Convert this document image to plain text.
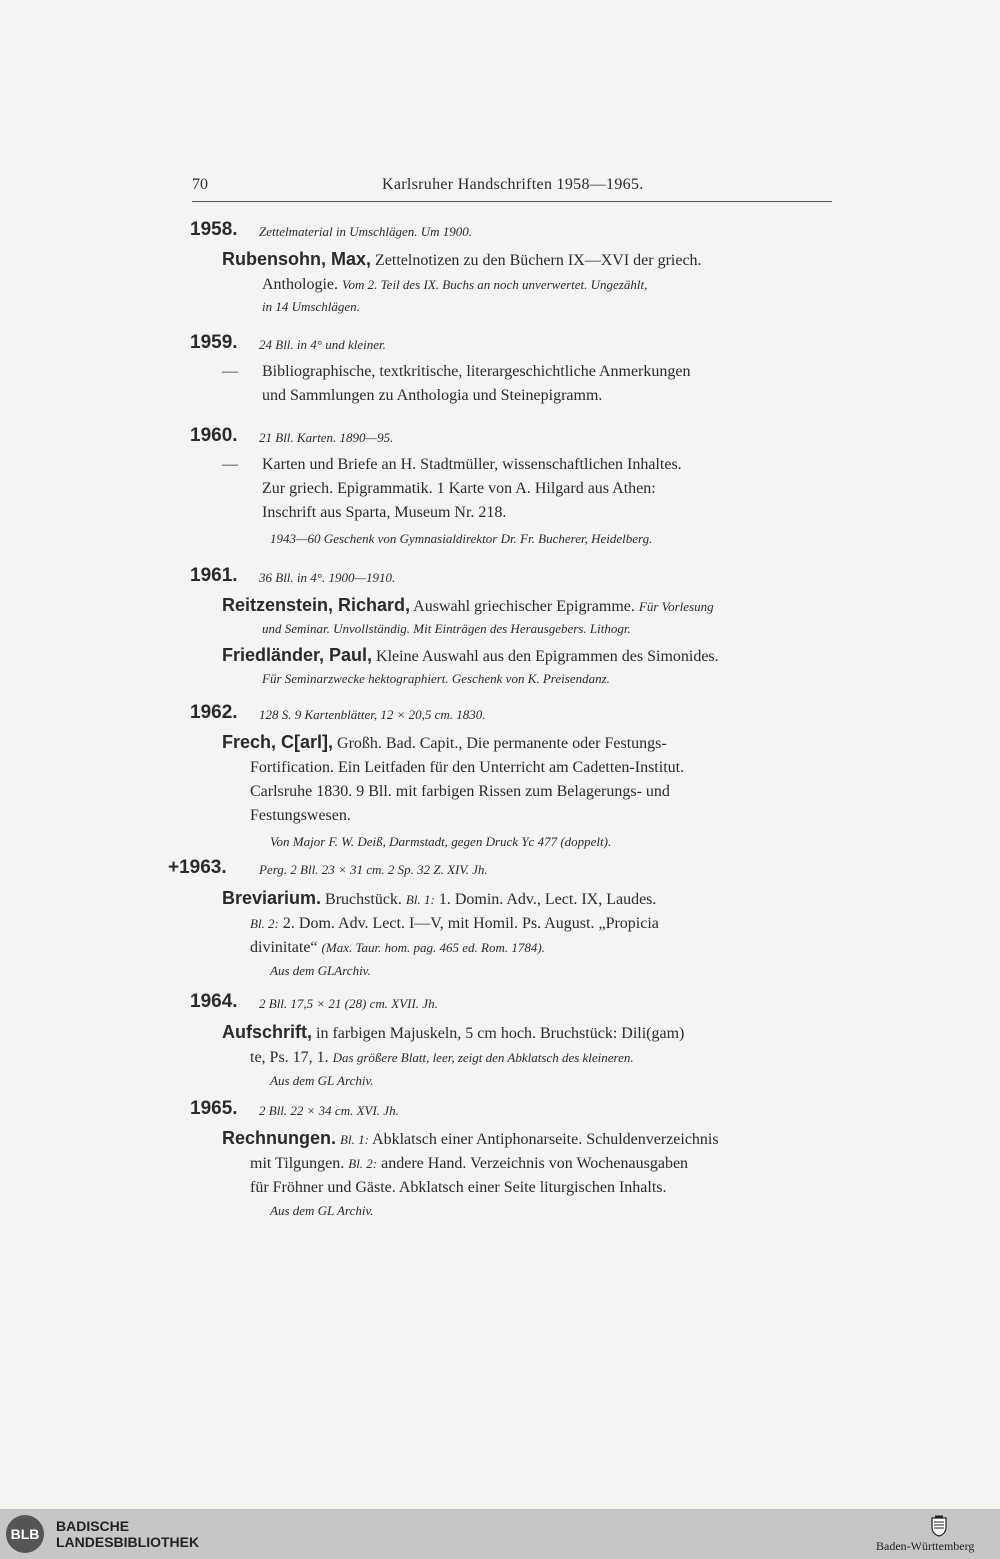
70	Karlsruher Handschriften 1958—1965.
1958. Zettelmaterial in Umschlägen. Um 1900.
Rubensohn, Max, Zettelnotizen zu den Büchern IX—XVI der griech.
Anthologie. Vom 2. Teil des IX. Buchs an noch unverwertet. Ungezählt,
in 14 Umschlägen.
1959. 24 Bll. in 4° und kleiner.
— Bibliographische, textkritische, literargeschichtliche Anmerkungen
und Sammlungen zu Anthologia und Steinepigramm.
1960. 21 Bll. Karten. 1890—95.
— Karten und Briefe an H. Stadtmüller, wissenschaftlichen Inhaltes.
Zur griech. Epigrammatik. 1 Karte von A. Hilgard aus Athen:
Inschrift aus Sparta, Museum Nr. 218.
1943—60 Geschenk von Gymnasialdirektor Dr. Fr. Bucherer, Heidelberg.
1961. 36 Bll. in 4°. 1900—1910.
Reitzenstein, Richard, Auswahl griechischer Epigramme. Für Vorlesung
und Seminar. Unvollständig. Mit Einträgen des Herausgebers. Lithogr.
Friedländer, Paul, Kleine Auswahl aus den Epigrammen des Simonides.
Für Seminarzwecke hektographiert. Geschenk von K. Preisendanz.
1962. 128 S. 9 Kartenblätter, 12 × 20,5 cm. 1830.
Frech, C[arl], Großh. Bad. Capit., Die permanente oder Festungs-
Fortification. Ein Leitfaden für den Unterricht am Cadetten-Institut.
Carlsruhe 1830. 9 Bll. mit farbigen Rissen zum Belagerungs- und
Festungswesen.
Von Major F. W. Deiß, Darmstadt, gegen Druck Yc 477 (doppelt).
+1963. Perg. 2 Bll. 23 × 31 cm. 2 Sp. 32 Z. XIV. Jh.
Breviarium. Bruchstück. Bl. 1: 1. Domin. Adv., Lect. IX, Laudes.
Bl. 2: 2. Dom. Adv. Lect. I—V, mit Homil. Ps. August. „Propicia
divinitate“ (Max. Taur. hom. pag. 465 ed. Rom. 1784).
Aus dem GLArchiv.
1964. 2 Bll. 17,5 × 21 (28) cm. XVII. Jh.
Aufschrift, in farbigen Majuskeln, 5 cm hoch. Bruchstück: Dili(gam)
te, Ps. 17, 1. Das größere Blatt, leer, zeigt den Abklatsch des kleineren.
Aus dem GL Archiv.
1965. 2 Bll. 22 × 34 cm. XVI. Jh.
Rechnungen. Bl. 1: Abklatsch einer Antiphonarseite. Schuldenverzeichnis
mit Tilgungen. Bl. 2: andere Hand. Verzeichnis von Wochenausgaben
für Fröhner und Gäste. Abklatsch einer Seite liturgischen Inhalts.
Aus dem GL Archiv.
BLB	BADISCHE
LANDESBIBLIOTHEK	Baden-Württemberg
